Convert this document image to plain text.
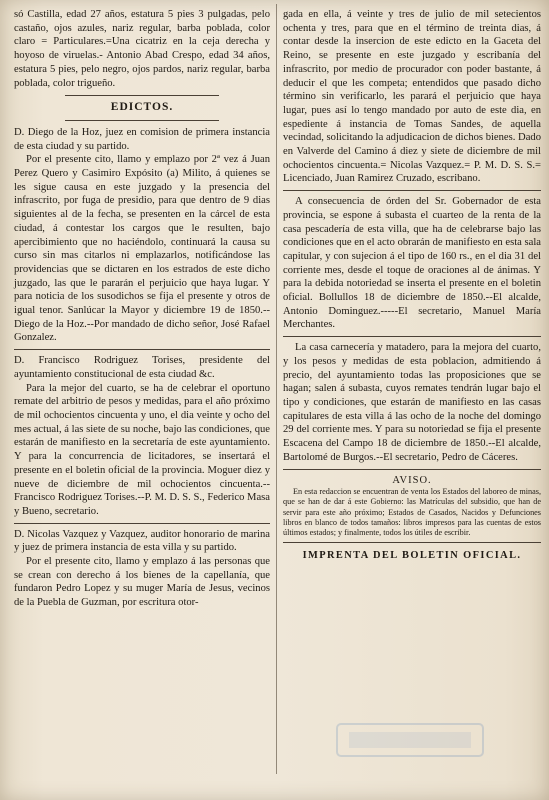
só Castilla, edad 27 años, estatura 5 pies 3 pulgadas, pelo castaño, ojos azules, nariz regular, barba poblada, color claro = Particulares.=Una cicatriz en la ceja derecha y hoyoso de viruelas.- Antonio Abad Crespo, edad 34 años, estatura 5 pies, pelo negro, ojos pardos, nariz regular, barba poblada, color trigueño.

EDICTOS.

D. Diego de la Hoz, juez en comision de primera instancia de esta ciudad y su partido.

Por el presente cito, llamo y emplazo por 2ª vez á Juan Perez Quero y Casimiro Expósito (a) Milito, á quienes se les sigue causa en este juzgado y la presencia del infrascrito, por fuga de presidio, para que dentro de 9 dias siguientes al de la fecha, se presenten en la cárcel de esta ciudad, á contestar los cargos que le resulten, bajo apercibimiento que no haciéndolo, continuará la causa su curso sin mas citarlos ni emplazarlos, notificándose las providencias que se dictaren en los estrados de este dicho juzgado, las que le pararán el perjuicio que haya lugar. Y para noticia de los susodichos se fija el presente y otros de igual tenor. Sanlúcar la Mayor y diciembre 19 de 1850.-- Diego de la Hoz.--Por mandado de dicho señor, José Rafael Gonzalez.

D. Francisco Rodriguez Torises, presidente del ayuntamiento constitucional de esta ciudad &c.

Para la mejor del cuarto, se ha de celebrar el oportuno remate del arbitrio de pesos y medidas, para el año próximo de mil ochocientos cincuenta y uno, el dia veinte y ocho del mes actual, á las siete de su noche, bajo las condiciones, que estarán de manifiesto en la secretaría de este ayuntamiento. Y para la concurrencia de licitadores, se insertará el presente en el boletin oficial de la provincia. Moguer diez y nueve de diciembre de mil ochocientos cincuenta.--Francisco Rodriguez Torises.--P. M. D. S. S., Federico Masa y Bueno, secretario.

D. Nicolas Vazquez y Vazquez, auditor honorario de marina y juez de primera instancia de esta villa y su partido.

Por el presente cito, llamo y emplazo á las personas que se crean con derecho á los bienes de la capellanía, que fundaron Pedro Lopez y su muger María de Jesus, vecinos de la Puebla de Guzman, por escritura otor-

gada en ella, á veinte y tres de julio de mil setecientos ochenta y tres, para que en el término de treinta dias, á contar desde la insercion de este edicto en la Gaceta del Reino, se presente en este juzgado y escribanía del infrascrito, por medio de procurador con poder bastante, á deducir el que les competa; entendidos que pasado dicho término sin verificarlo, les parará el perjuicio que haya lugar, pues así lo tengo mandado por auto de este dia, en espediente á instancia de Tomas Sandes, de aquella vecindad, solicitando la adjudicacion de dichos bienes. Dado en Valverde del Camino á diez y siete de diciembre de mil ochocientos cincuenta.= Nicolas Vazquez.= P. M. D. S. S.= Licenciado, Juan Ramirez Cruzado, escribano.

A consecuencia de órden del Sr. Gobernador de esta provincia, se espone á subasta el cuarteo de la renta de la casa pescadería de esta villa, que ha de celebrarse bajo las condiciones que en el acto obrarán de manifiesto en esta sala capitular, y con sujecion á el tipo de 160 rs., en el dia 31 del corriente mes, desde el toque de oraciones al de ánimas. Y para la debida notoriedad se inserta el presente en el boletin oficial. Bollullos 18 de diciembre de 1850.--El alcalde, Antonio Dominguez.-----El secretario, Manuel María Merchantes.

La casa carnecería y matadero, para la mejora del cuarto, y los pesos y medidas de esta poblacion, admitiendo á precio, del ayuntamiento todas las proposiciones que se hagan; salen á subasta, cuyos remates tendrán lugar bajo el tipo y condiciones, que estarán de manifiesto en las casas capitulares de esta villa á las ocho de la noche del domingo 29 del corriente mes. Y para su notoriedad se fija el presente Escacena del Campo 18 de diciembre de 1850.--El alcalde, Bartolomé de Burgos.--El secretario, Pedro de Cáceres.

AVISO.

En esta redaccion se encuentran de venta los Estados del laboreo de minas, que se han de dar á este Gobierno: las Matrículas del subsidio, que han de servir para este año próximo; Estados de Casados, Nacidos y Defunciones libros en blanco de todos tamaños: libros impresos para las cuentas de estos últimos estados; y finalmente, todos los útiles de escribir.

IMPRENTA DEL BOLETIN OFICIAL.
